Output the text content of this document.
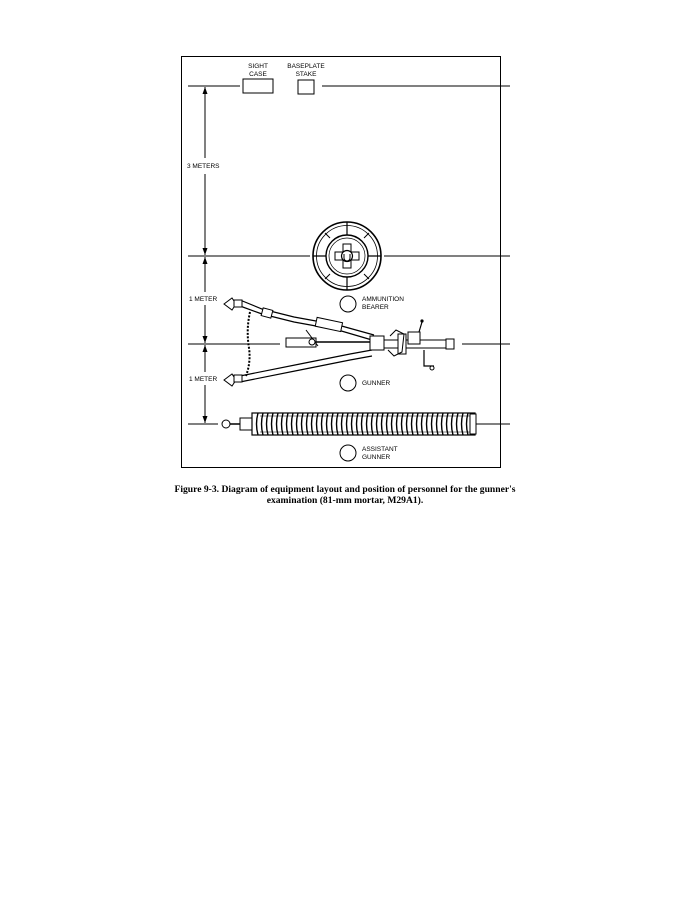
3 METERS
1 METER
1 METER
SIGHT
CASE
BASEPLATE
STAKE
AMMUNITION
BEARER
GUNNER
ASSISTANT
GUNNER
Figure 9-3. Diagram of equipment layout and position of personnel for the gunner's
examination (81-mm mortar, M29A1).
